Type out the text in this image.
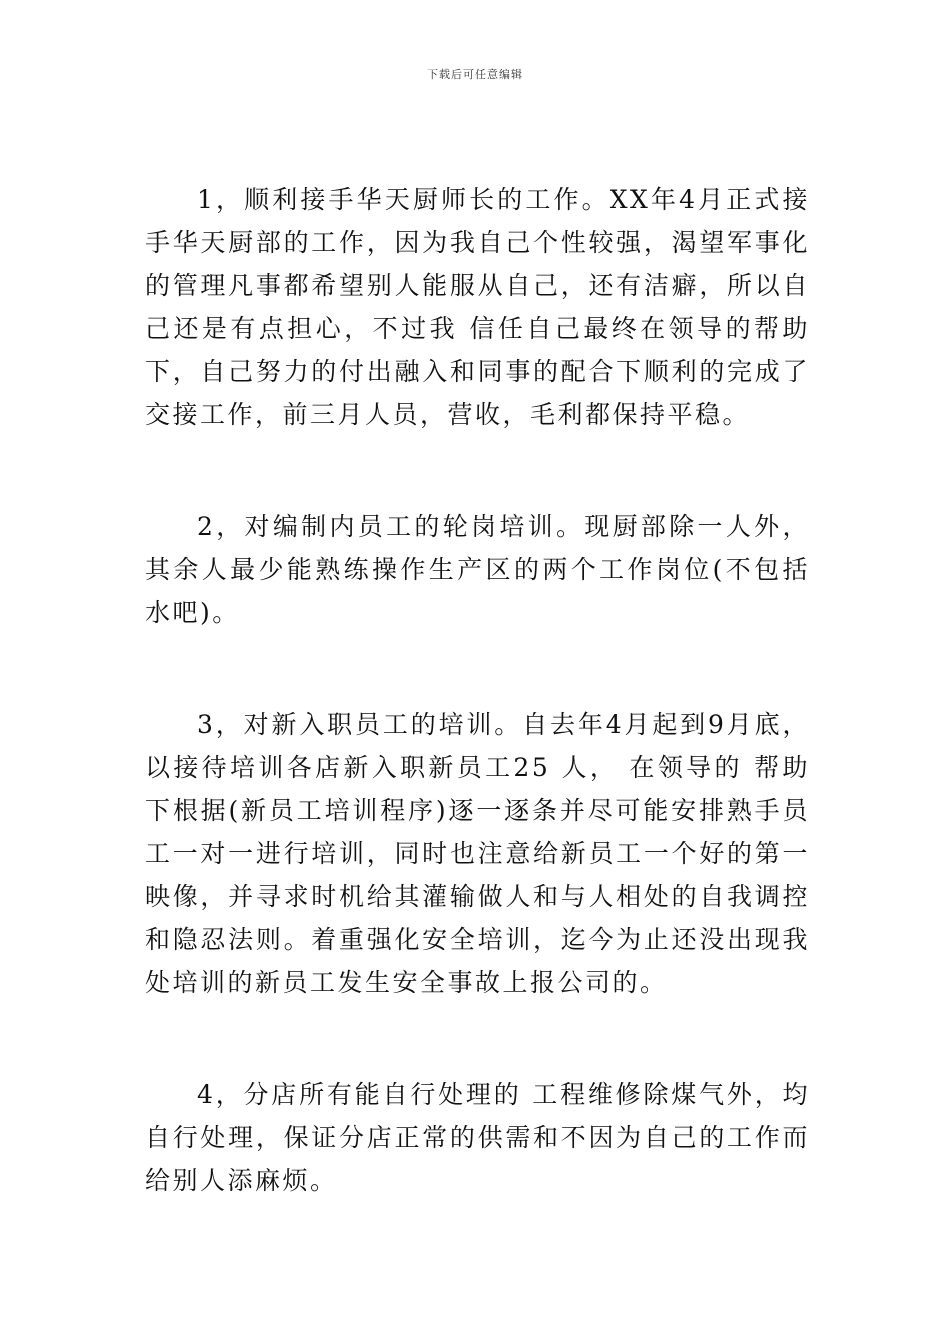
下载后可任意编辑

1，顺利接手华天厨师长的工作。XX年4月正式接手华天厨部的工作，因为我自己个性较强，渴望军事化的管理凡事都希望别人能服从自己，还有洁癖，所以自己还是有点担心，不过我 信任自己最终在领导的帮助下，自己努力的付出融入和同事的配合下顺利的完成了交接工作，前三月人员，营收，毛利都保持平稳。

2，对编制内员工的轮岗培训。现厨部除一人外，其余人最少能熟练操作生产区的两个工作岗位(不包括水吧)。

3，对新入职员工的培训。自去年4月起到9月底，以接待培训各店新入职新员工25 人， 在领导的 帮助下根据(新员工培训程序)逐一逐条并尽可能安排熟手员工一对一进行培训，同时也注意给新员工一个好的第一映像，并寻求时机给其灌输做人和与人相处的自我调控和隐忍法则。着重强化安全培训，迄今为止还没出现我处培训的新员工发生安全事故上报公司的。

4，分店所有能自行处理的 工程维修除煤气外，均自行处理，保证分店正常的供需和不因为自己的工作而给别人添麻烦。
